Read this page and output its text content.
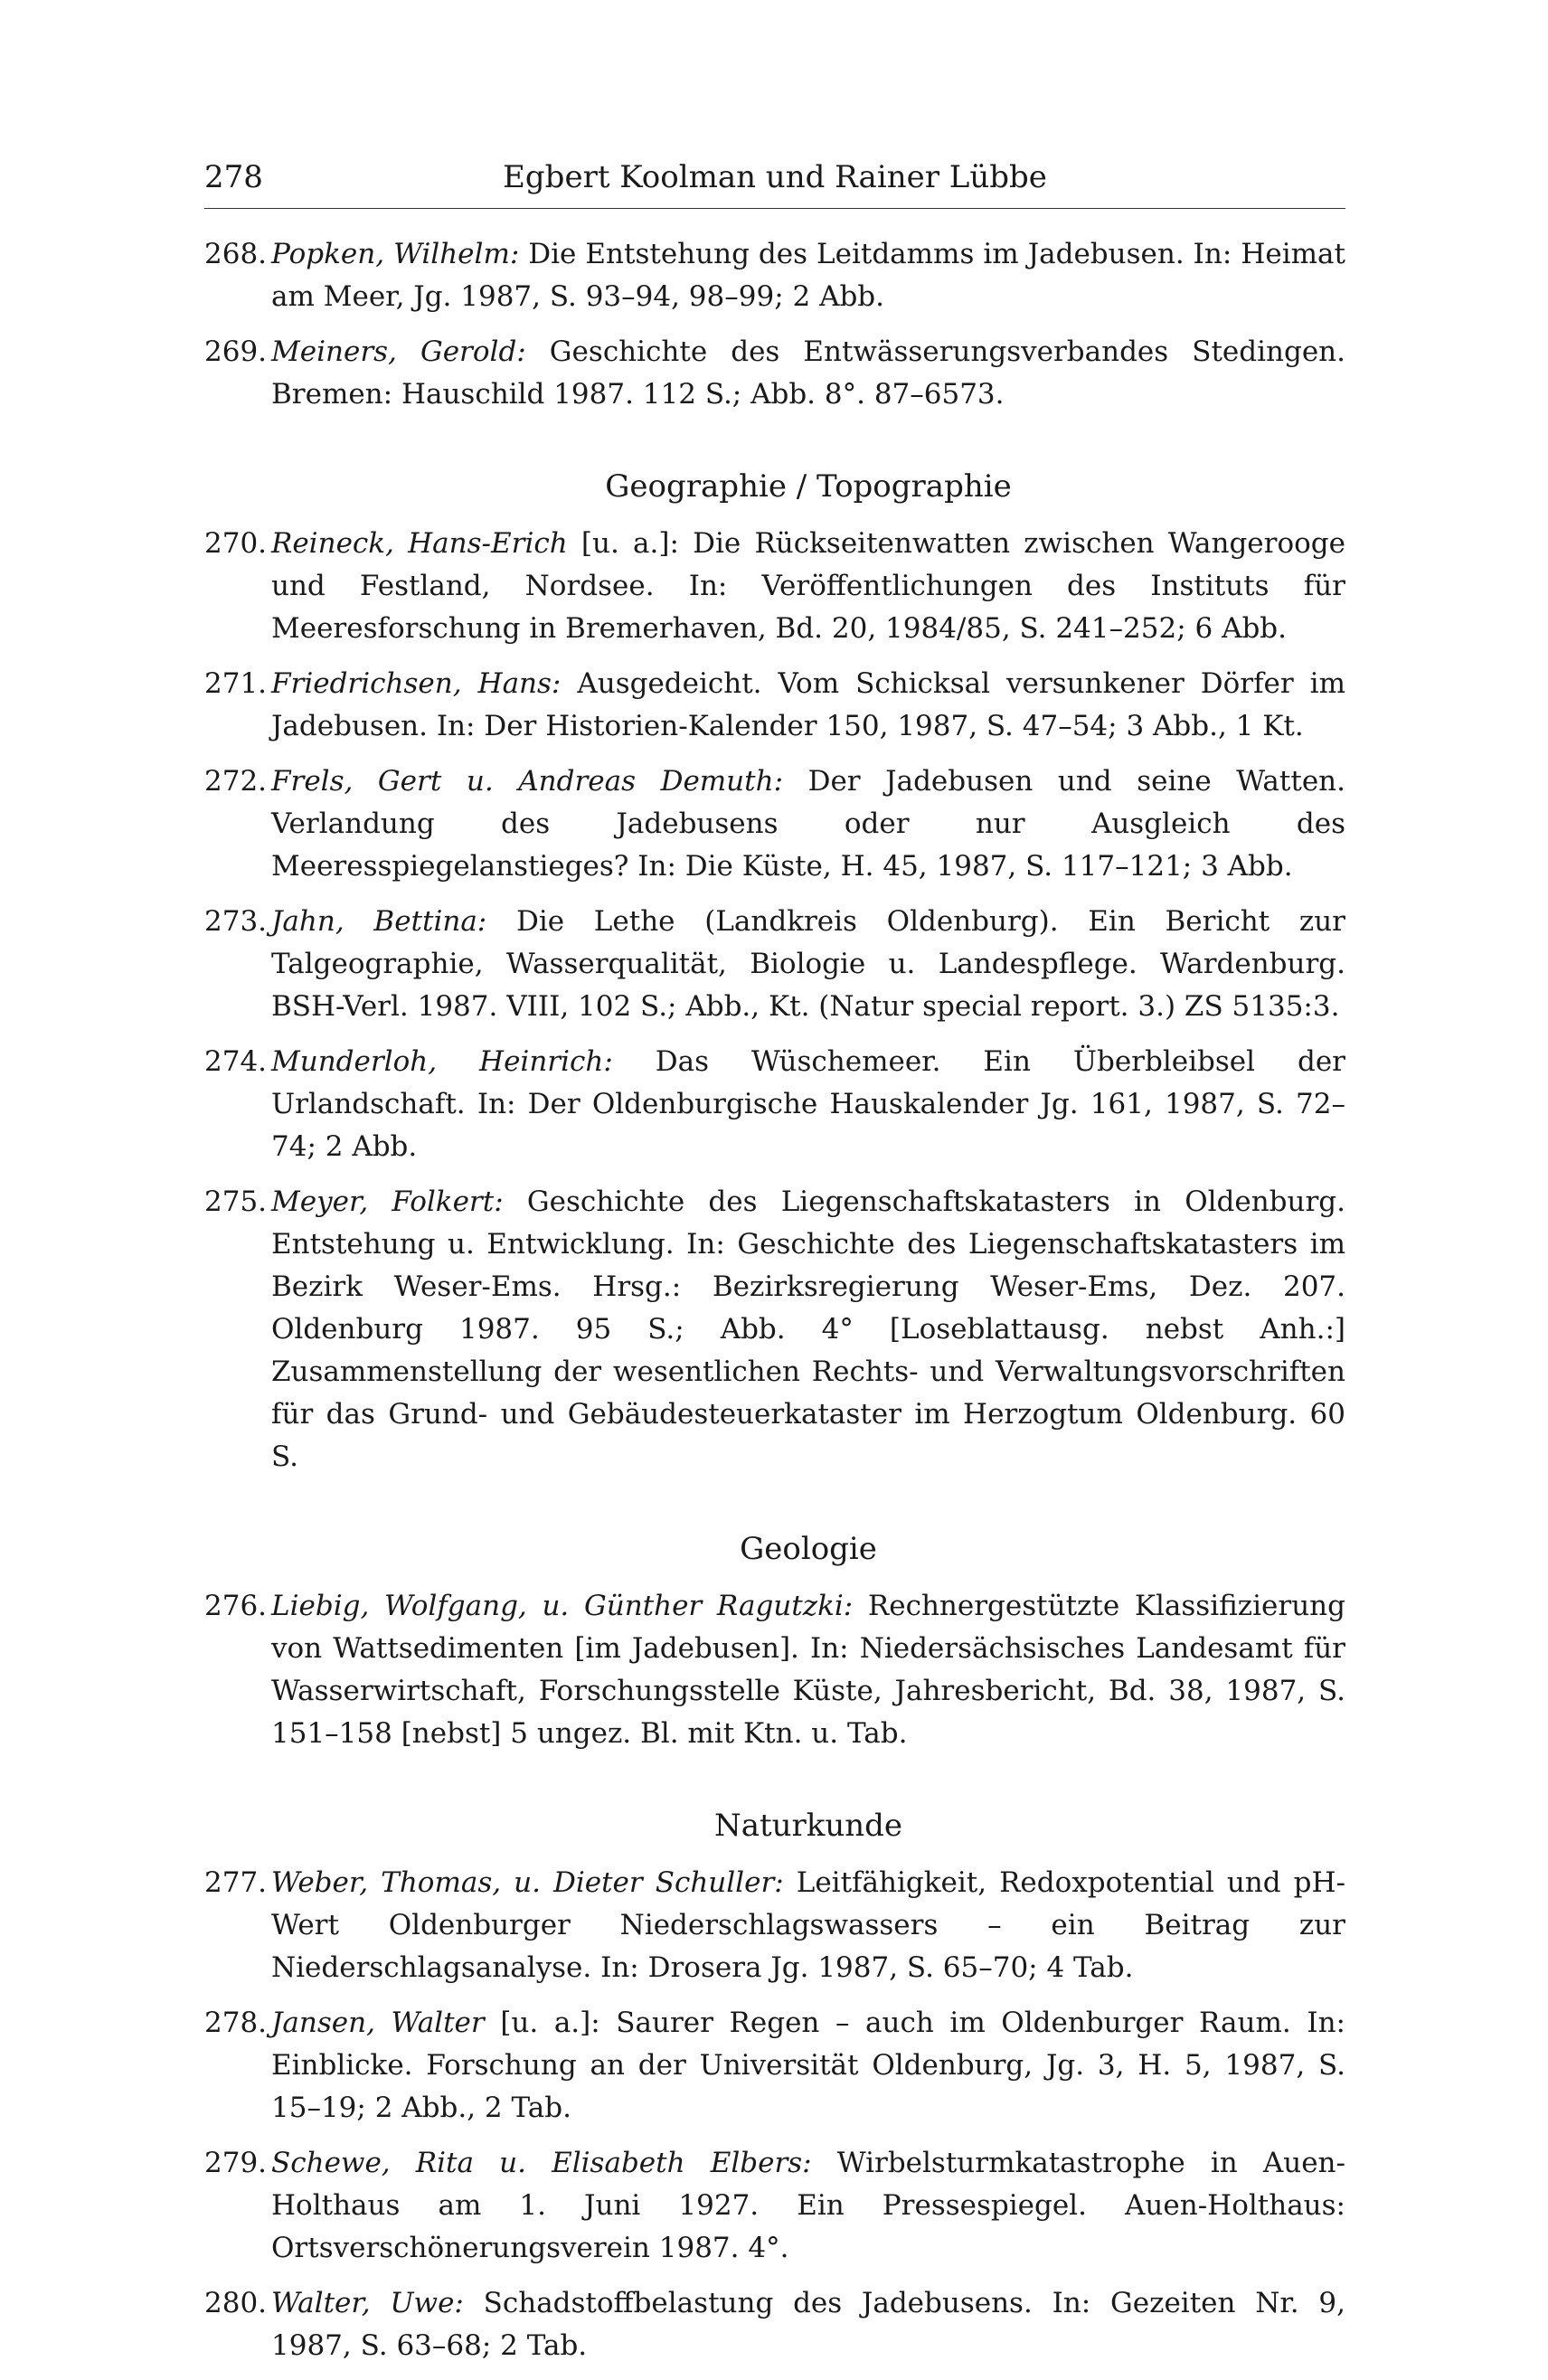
278	Egbert Koolman und Rainer Lübbe
268. Popken, Wilhelm: Die Entstehung des Leitdamms im Jadebusen. In: Heimat am Meer, Jg. 1987, S. 93–94, 98–99; 2 Abb.
269. Meiners, Gerold: Geschichte des Entwässerungsverbandes Stedingen. Bremen: Hauschild 1987. 112 S.; Abb. 8°. 87–6573.
Geographie / Topographie
270. Reineck, Hans-Erich [u. a.]: Die Rückseitenwatten zwischen Wangerooge und Festland, Nordsee. In: Veröffentlichungen des Instituts für Meeresforschung in Bremerhaven, Bd. 20, 1984/85, S. 241–252; 6 Abb.
271. Friedrichsen, Hans: Ausgedeicht. Vom Schicksal versunkener Dörfer im Jadebusen. In: Der Historien-Kalender 150, 1987, S. 47–54; 3 Abb., 1 Kt.
272. Frels, Gert u. Andreas Demuth: Der Jadebusen und seine Watten. Verlandung des Jadebusens oder nur Ausgleich des Meeresspiegelanstieges? In: Die Küste, H. 45, 1987, S. 117–121; 3 Abb.
273. Jahn, Bettina: Die Lethe (Landkreis Oldenburg). Ein Bericht zur Talgeographie, Wasserqualität, Biologie u. Landespflege. Wardenburg. BSH-Verl. 1987. VIII, 102 S.; Abb., Kt. (Natur special report. 3.) ZS 5135:3.
274. Munderloh, Heinrich: Das Wüschemeer. Ein Überbleibsel der Urlandschaft. In: Der Oldenburgische Hauskalender Jg. 161, 1987, S. 72–74; 2 Abb.
275. Meyer, Folkert: Geschichte des Liegenschaftskatasters in Oldenburg. Entstehung u. Entwicklung. In: Geschichte des Liegenschaftskatasters im Bezirk Weser-Ems. Hrsg.: Bezirksregierung Weser-Ems, Dez. 207. Oldenburg 1987. 95 S.; Abb. 4° [Loseblattausg. nebst Anh.:] Zusammenstellung der wesentlichen Rechts- und Verwaltungsvorschriften für das Grund- und Gebäudesteuerkataster im Herzogtum Oldenburg. 60 S.
Geologie
276. Liebig, Wolfgang, u. Günther Ragutzki: Rechnergestützte Klassifizierung von Wattsedimenten [im Jadebusen]. In: Niedersächsisches Landesamt für Wasserwirtschaft, Forschungsstelle Küste, Jahresbericht, Bd. 38, 1987, S. 151–158 [nebst] 5 ungez. Bl. mit Ktn. u. Tab.
Naturkunde
277. Weber, Thomas, u. Dieter Schuller: Leitfähigkeit, Redoxpotential und pH-Wert Oldenburger Niederschlagswassers – ein Beitrag zur Niederschlagsanalyse. In: Drosera Jg. 1987, S. 65–70; 4 Tab.
278. Jansen, Walter [u. a.]: Saurer Regen – auch im Oldenburger Raum. In: Einblicke. Forschung an der Universität Oldenburg, Jg. 3, H. 5, 1987, S. 15–19; 2 Abb., 2 Tab.
279. Schewe, Rita u. Elisabeth Elbers: Wirbelsturmkatastrophe in Auen-Holthaus am 1. Juni 1927. Ein Pressespiegel. Auen-Holthaus: Ortsverschönerungsverein 1987. 4°.
280. Walter, Uwe: Schadstoffbelastung des Jadebusens. In: Gezeiten Nr. 9, 1987, S. 63–68; 2 Tab.
